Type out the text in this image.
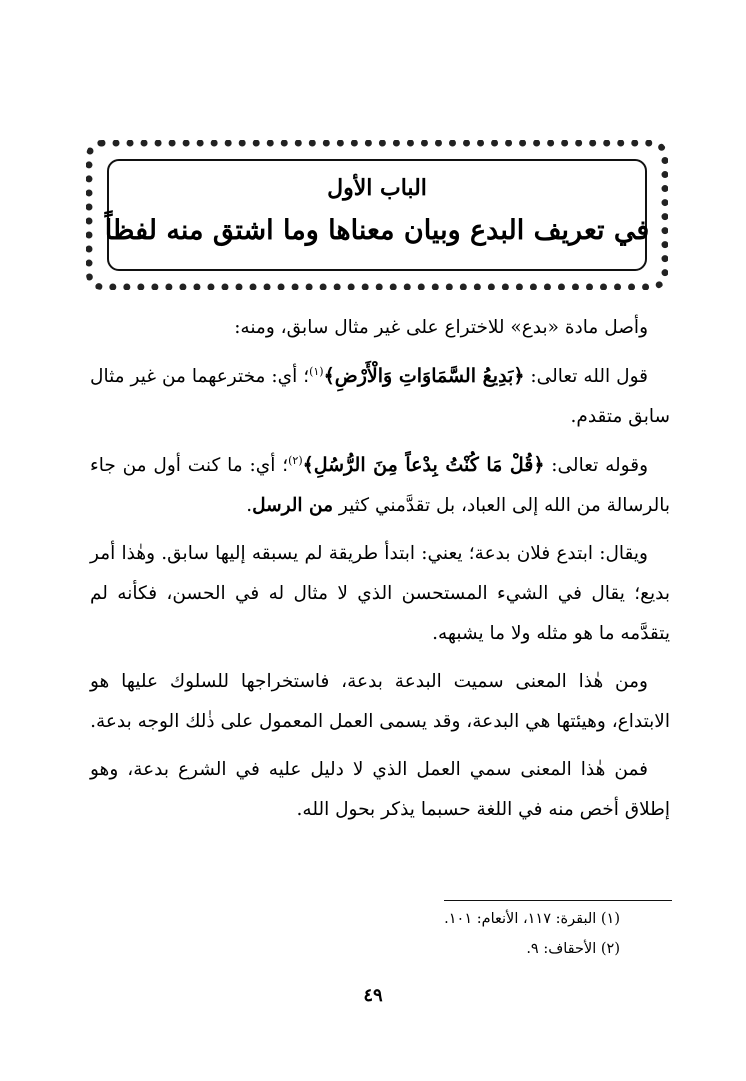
الباب الأول
في تعريف البدع وبيان معناها وما اشتق منه لفظاً

وأصل مادة «بدع» للاختراع على غير مثال سابق، ومنه:

قول الله تعالى: ﴿بَدِيعُ السَّمَاوَاتِ وَالْأَرْضِ﴾$^{(١)}$؛ أي: مخترعهما من غير مثال سابق متقدم.

وقوله تعالى: ﴿قُلْ مَا كُنْتُ بِدْعاً مِنَ الرُّسُلِ﴾$^{(٢)}$؛ أي: ما كنت أول من جاء بالرسالة من الله إلى العباد، بل تقدَّمني كثير من الرسل.

ويقال: ابتدع فلان بدعة؛ يعني: ابتدأ طريقة لم يسبقه إليها سابق. وهٰذا أمر بديع؛ يقال في الشيء المستحسن الذي لا مثال له في الحسن، فكأنه لم يتقدَّمه ما هو مثله ولا ما يشبهه.

ومن هٰذا المعنى سميت البدعة بدعة، فاستخراجها للسلوك عليها هو الابتداع، وهيئتها هي البدعة، وقد يسمى العمل المعمول على ذٰلك الوجه بدعة.

فمن هٰذا المعنى سمي العمل الذي لا دليل عليه في الشرع بدعة، وهو إطلاق أخص منه في اللغة حسبما يذكر بحول الله.

(١) البقرة: ١١٧، الأنعام: ١٠١.
(٢) الأحقاف: ٩.
٤٩
